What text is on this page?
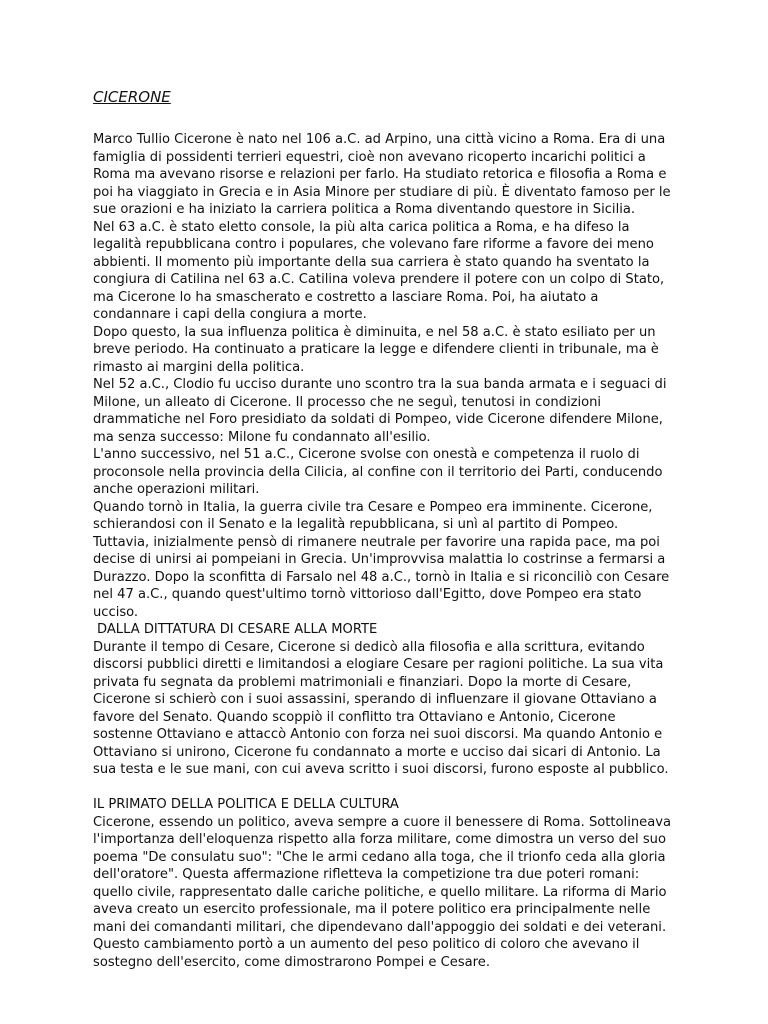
CICERONE

Marco Tullio Cicerone è nato nel 106 a.C. ad Arpino, una città vicino a Roma. Era di una famiglia di possidenti terrieri equestri, cioè non avevano ricoperto incarichi politici a Roma ma avevano risorse e relazioni per farlo. Ha studiato retorica e filosofia a Roma e poi ha viaggiato in Grecia e in Asia Minore per studiare di più. È diventato famoso per le sue orazioni e ha iniziato la carriera politica a Roma diventando questore in Sicilia.

Nel 63 a.C. è stato eletto console, la più alta carica politica a Roma, e ha difeso la legalità repubblicana contro i populares, che volevano fare riforme a favore dei meno abbienti. Il momento più importante della sua carriera è stato quando ha sventato la congiura di Catilina nel 63 a.C. Catilina voleva prendere il potere con un colpo di Stato, ma Cicerone lo ha smascherato e costretto a lasciare Roma. Poi, ha aiutato a condannare i capi della congiura a morte.

Dopo questo, la sua influenza politica è diminuita, e nel 58 a.C. è stato esiliato per un breve periodo. Ha continuato a praticare la legge e difendere clienti in tribunale, ma è rimasto ai margini della politica.

Nel 52 a.C., Clodio fu ucciso durante uno scontro tra la sua banda armata e i seguaci di Milone, un alleato di Cicerone. Il processo che ne seguì, tenutosi in condizioni drammatiche nel Foro presidiato da soldati di Pompeo, vide Cicerone difendere Milone, ma senza successo: Milone fu condannato all'esilio.

L'anno successivo, nel 51 a.C., Cicerone svolse con onestà e competenza il ruolo di proconsole nella provincia della Cilicia, al confine con il territorio dei Parti, conducendo anche operazioni militari.

Quando tornò in Italia, la guerra civile tra Cesare e Pompeo era imminente. Cicerone, schierandosi con il Senato e la legalità repubblicana, si unì al partito di Pompeo. Tuttavia, inizialmente pensò di rimanere neutrale per favorire una rapida pace, ma poi decise di unirsi ai pompeiani in Grecia. Un'improvvisa malattia lo costrinse a fermarsi a Durazzo. Dopo la sconfitta di Farsalo nel 48 a.C., tornò in Italia e si riconciliò con Cesare nel 47 a.C., quando quest'ultimo tornò vittorioso dall'Egitto, dove Pompeo era stato ucciso.

DALLA DITTATURA DI CESARE ALLA MORTE

Durante il tempo di Cesare, Cicerone si dedicò alla filosofia e alla scrittura, evitando discorsi pubblici diretti e limitandosi a elogiare Cesare per ragioni politiche. La sua vita privata fu segnata da problemi matrimoniali e finanziari. Dopo la morte di Cesare, Cicerone si schierò con i suoi assassini, sperando di influenzare il giovane Ottaviano a favore del Senato. Quando scoppiò il conflitto tra Ottaviano e Antonio, Cicerone sostenne Ottaviano e attaccò Antonio con forza nei suoi discorsi. Ma quando Antonio e Ottaviano si unirono, Cicerone fu condannato a morte e ucciso dai sicari di Antonio. La sua testa e le sue mani, con cui aveva scritto i suoi discorsi, furono esposte al pubblico.

IL PRIMATO DELLA POLITICA E DELLA CULTURA

Cicerone, essendo un politico, aveva sempre a cuore il benessere di Roma. Sottolineava l'importanza dell'eloquenza rispetto alla forza militare, come dimostra un verso del suo poema "De consulatu suo": "Che le armi cedano alla toga, che il trionfo ceda alla gloria dell'oratore". Questa affermazione rifletteva la competizione tra due poteri romani: quello civile, rappresentato dalle cariche politiche, e quello militare. La riforma di Mario aveva creato un esercito professionale, ma il potere politico era principalmente nelle mani dei comandanti militari, che dipendevano dall'appoggio dei soldati e dei veterani. Questo cambiamento portò a un aumento del peso politico di coloro che avevano il sostegno dell'esercito, come dimostrarono Pompei e Cesare.
